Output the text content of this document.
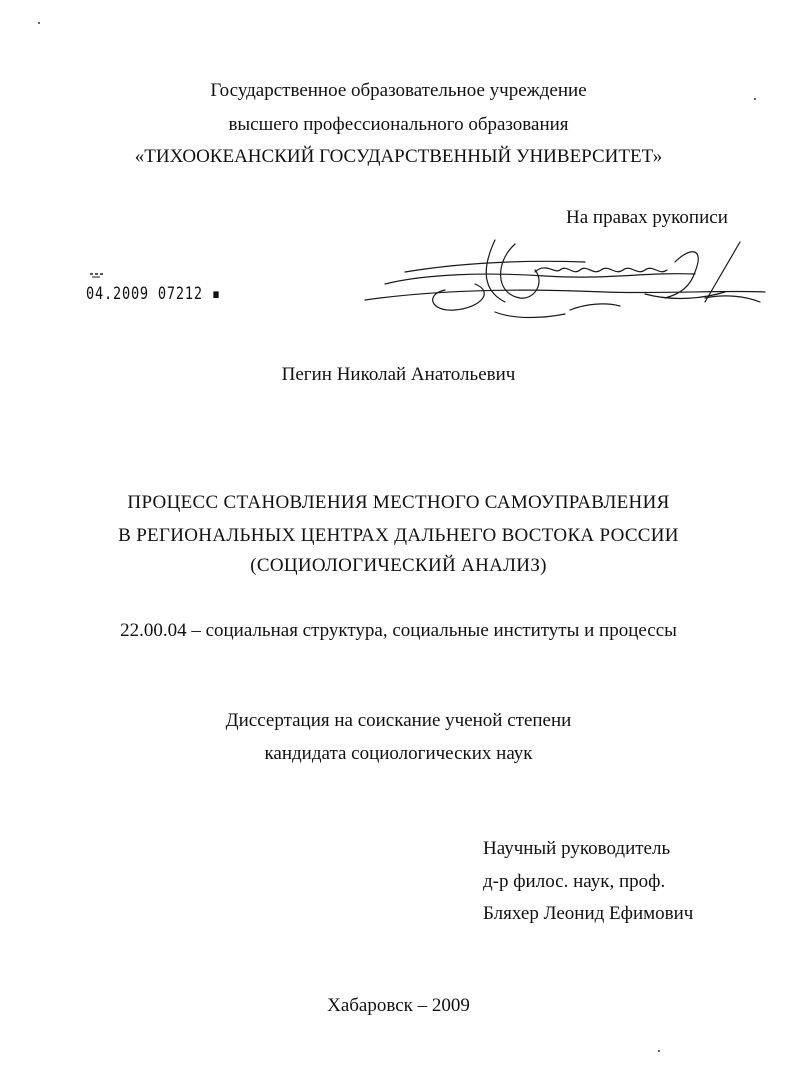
Государственное образовательное учреждение
высшего профессионального образования
«ТИХООКЕАНСКИЙ ГОСУДАРСТВЕННЫЙ УНИВЕРСИТЕТ»
На правах рукописи
04.2009 07212 ▪
Пегин Николай Анатольевич
ПРОЦЕСС СТАНОВЛЕНИЯ МЕСТНОГО САМОУПРАВЛЕНИЯ
В РЕГИОНАЛЬНЫХ ЦЕНТРАХ ДАЛЬНЕГО ВОСТОКА РОССИИ
(СОЦИОЛОГИЧЕСКИЙ АНАЛИЗ)
22.00.04 – социальная структура, социальные институты и процессы
Диссертация на соискание ученой степени
кандидата социологических наук
Научный руководитель
д-р филос. наук, проф.
Бляхер Леонид Ефимович
Хабаровск – 2009
